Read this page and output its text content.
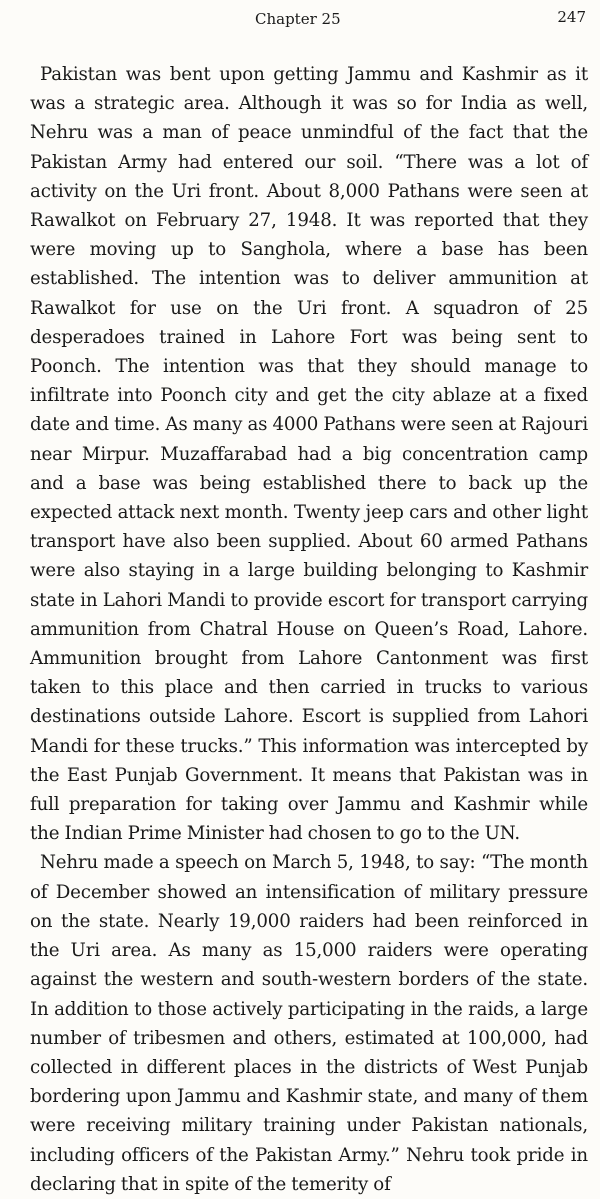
Chapter 25	247

Pakistan was bent upon getting Jammu and Kashmir as it was a strategic area. Although it was so for India as well, Nehru was a man of peace unmindful of the fact that the Pakistan Army had entered our soil. “There was a lot of activity on the Uri front. About 8,000 Pathans were seen at Rawalkot on February 27, 1948. It was reported that they were moving up to Sanghola, where a base has been established. The intention was to deliver ammunition at Rawalkot for use on the Uri front. A squadron of 25 desperadoes trained in Lahore Fort was being sent to Poonch. The intention was that they should manage to infiltrate into Poonch city and get the city ablaze at a fixed date and time. As many as 4000 Pathans were seen at Rajouri near Mirpur. Muzaffarabad had a big concentration camp and a base was being established there to back up the expected attack next month. Twenty jeep cars and other light transport have also been supplied. About 60 armed Pathans were also staying in a large building belonging to Kashmir state in Lahori Mandi to provide escort for transport carrying ammunition from Chatral House on Queen’s Road, Lahore. Ammunition brought from Lahore Cantonment was first taken to this place and then carried in trucks to various destinations outside Lahore. Escort is supplied from Lahori Mandi for these trucks.” This information was intercepted by the East Punjab Government. It means that Pakistan was in full preparation for taking over Jammu and Kashmir while the Indian Prime Minister had chosen to go to the UN.

Nehru made a speech on March 5, 1948, to say: “The month of December showed an intensification of military pressure on the state. Nearly 19,000 raiders had been reinforced in the Uri area. As many as 15,000 raiders were operating against the western and south-western borders of the state. In addition to those actively participating in the raids, a large number of tribesmen and others, estimated at 100,000, had collected in different places in the districts of West Punjab bordering upon Jammu and Kashmir state, and many of them were receiving military training under Pakistan nationals, including officers of the Pakistan Army.” Nehru took pride in declaring that in spite of the temerity of
